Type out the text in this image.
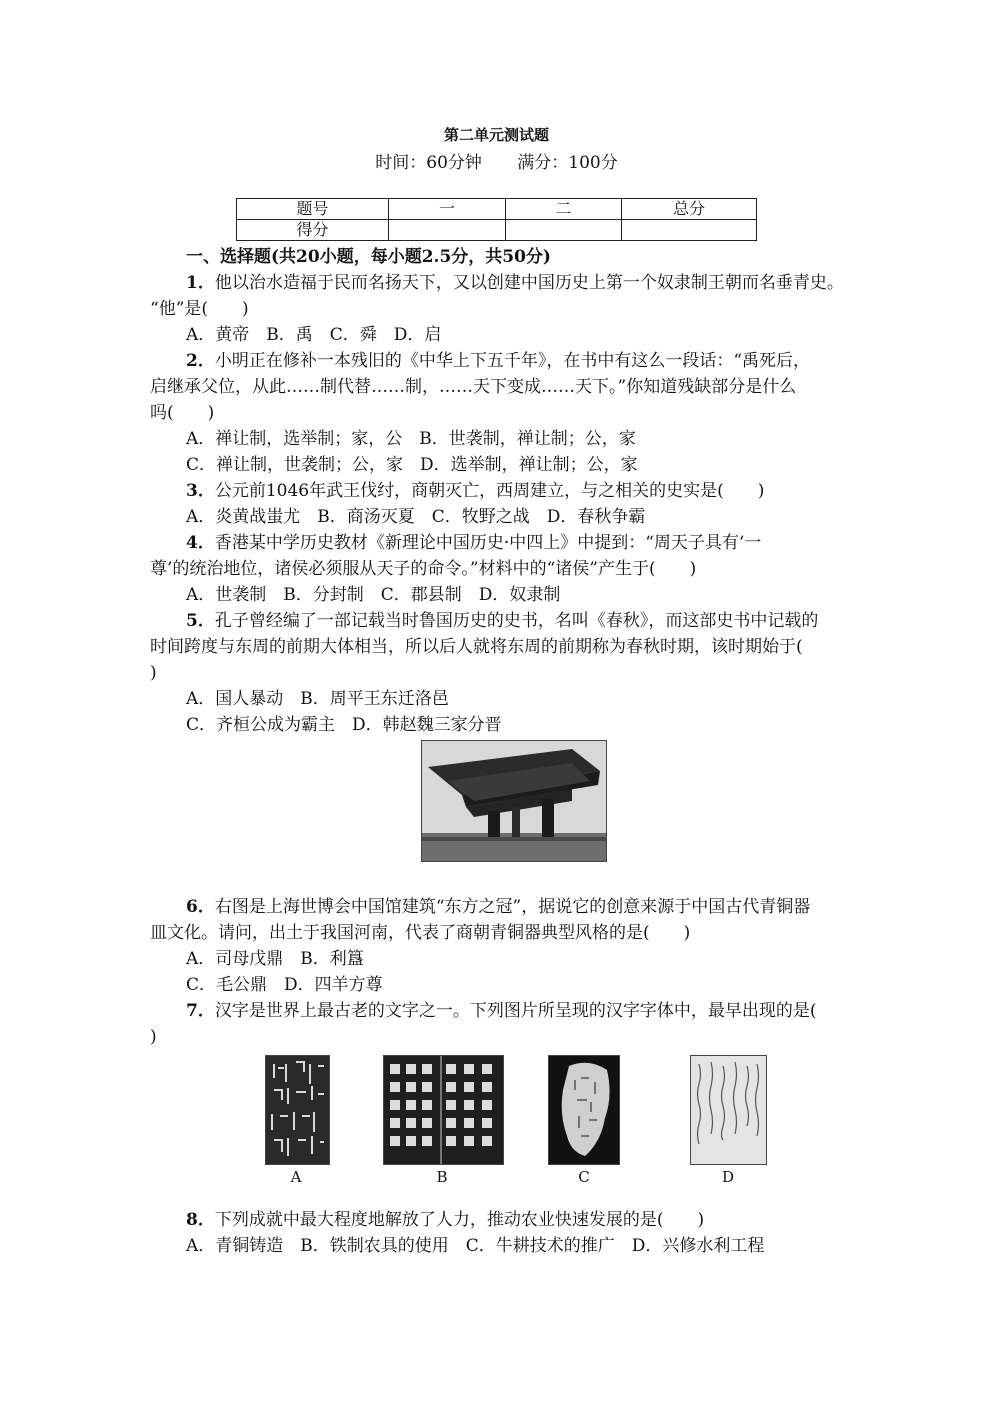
第二单元测试题
时间：60分钟 满分：100分
题号	一	二	总分
得分			
一、选择题(共20小题，每小题2.5分，共50分)
1．他以治水造福于民而名扬天下，又以创建中国历史上第一个奴隶制王朝而名垂青史。
“他”是(　　)
A．黄帝　B．禹　C．舜　D．启
2．小明正在修补一本残旧的《中华上下五千年》，在书中有这么一段话：“禹死后，
启继承父位，从此……制代替……制，……天下变成……天下。”你知道残缺部分是什么
吗(　　)
A．禅让制，选举制；家，公　B．世袭制，禅让制；公，家
C．禅让制，世袭制；公，家　D．选举制，禅让制；公，家
3．公元前1046年武王伐纣，商朝灭亡，西周建立，与之相关的史实是(　　)
A．炎黄战蚩尤　B．商汤灭夏　C．牧野之战　D．春秋争霸
4．香港某中学历史教材《新理论中国历史·中四上》中提到：“周天子具有‘一
尊’的统治地位，诸侯必须服从天子的命令。”材料中的“诸侯”产生于(　　)
A．世袭制　B．分封制　C．郡县制　D．奴隶制
5．孔子曾经编了一部记载当时鲁国历史的史书，名叫《春秋》，而这部史书中记载的
时间跨度与东周的前期大体相当，所以后人就将东周的前期称为春秋时期，该时期始于(
)
A．国人暴动　B．周平王东迁洛邑
C．齐桓公成为霸主　D．韩赵魏三家分晋
6．右图是上海世博会中国馆建筑“东方之冠”，据说它的创意来源于中国古代青铜器
皿文化。请问，出土于我国河南，代表了商朝青铜器典型风格的是(　　)
A．司母戊鼎　B．利簋
C．毛公鼎　D．四羊方尊
7．汉字是世界上最古老的文字之一。下列图片所呈现的汉字字体中，最早出现的是(
)
A	B	C	D
8．下列成就中最大程度地解放了人力，推动农业快速发展的是(　　)
A．青铜铸造　B．铁制农具的使用　C．牛耕技术的推广　D．兴修水利工程
